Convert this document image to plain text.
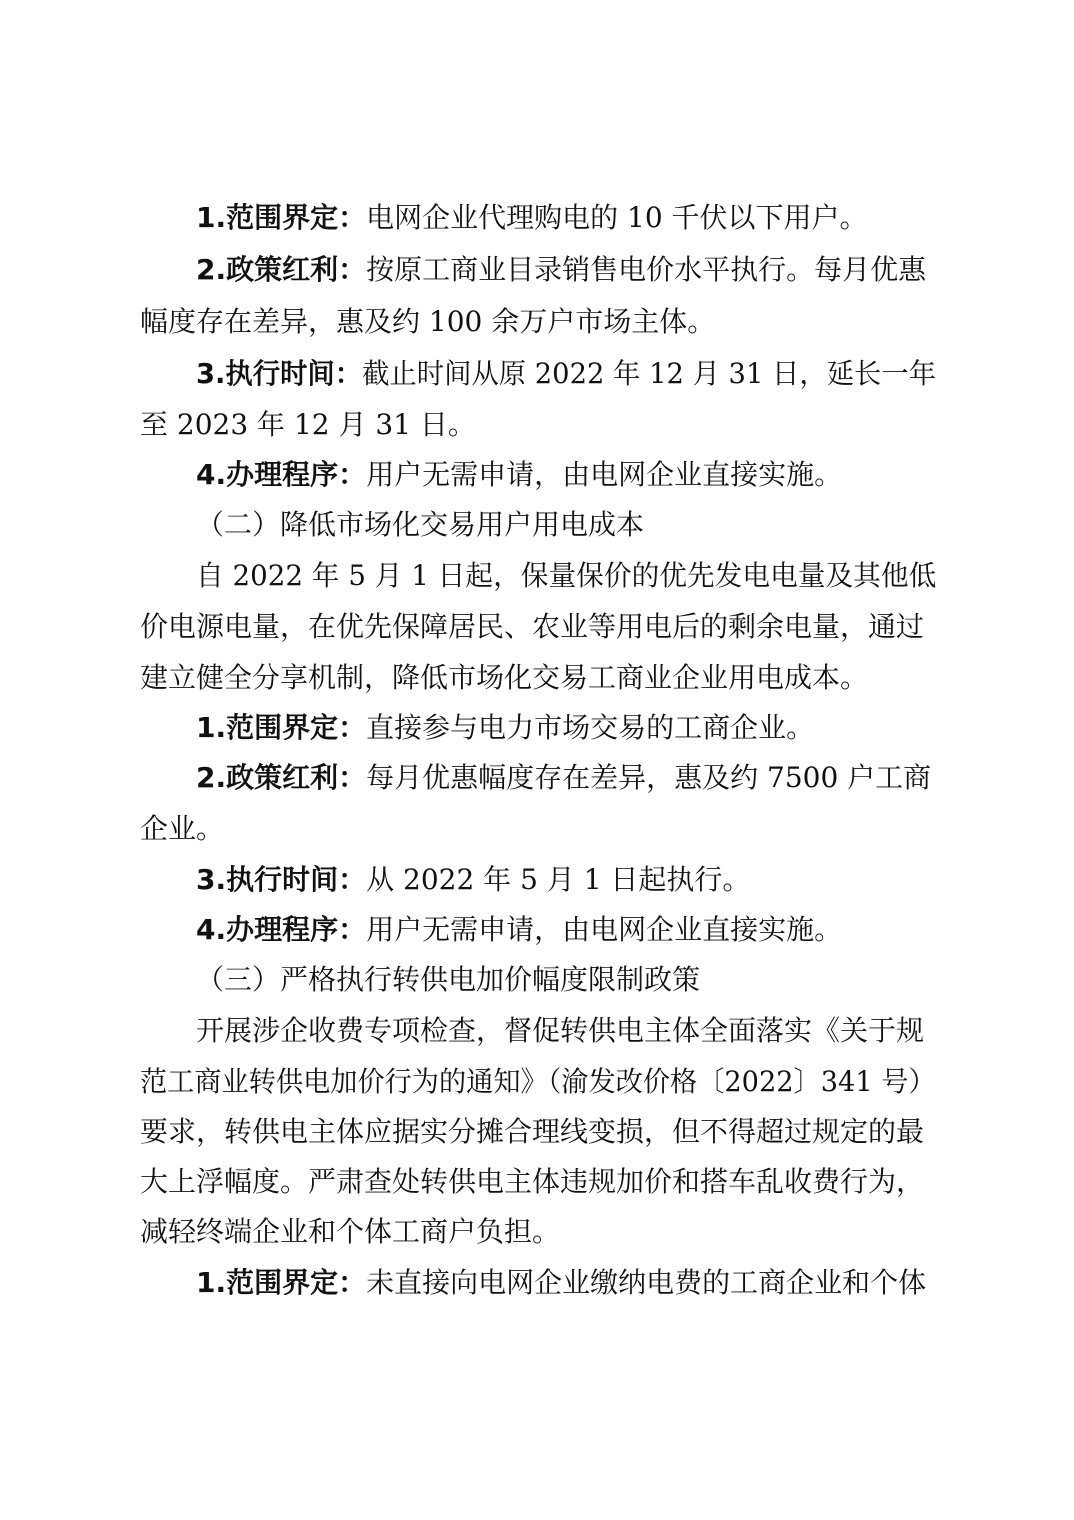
1.范围界定：电网企业代理购电的 10 千伏以下用户。
2.政策红利：按原工商业目录销售电价水平执行。每月优惠
幅度存在差异，惠及约 100 余万户市场主体。
3.执行时间：截止时间从原 2022 年 12 月 31 日，延长一年
至 2023 年 12 月 31 日。
4.办理程序：用户无需申请，由电网企业直接实施。
（二）降低市场化交易用户用电成本
自 2022 年 5 月 1 日起，保量保价的优先发电电量及其他低
价电源电量，在优先保障居民、农业等用电后的剩余电量，通过
建立健全分享机制，降低市场化交易工商业企业用电成本。
1.范围界定：直接参与电力市场交易的工商企业。
2.政策红利：每月优惠幅度存在差异，惠及约 7500 户工商
企业。
3.执行时间：从 2022 年 5 月 1 日起执行。
4.办理程序：用户无需申请，由电网企业直接实施。
（三）严格执行转供电加价幅度限制政策
开展涉企收费专项检查，督促转供电主体全面落实《关于规
范工商业转供电加价行为的通知》（渝发改价格〔2022〕341 号）
要求，转供电主体应据实分摊合理线变损，但不得超过规定的最
大上浮幅度。严肃查处转供电主体违规加价和搭车乱收费行为，
减轻终端企业和个体工商户负担。
1.范围界定：未直接向电网企业缴纳电费的工商企业和个体
